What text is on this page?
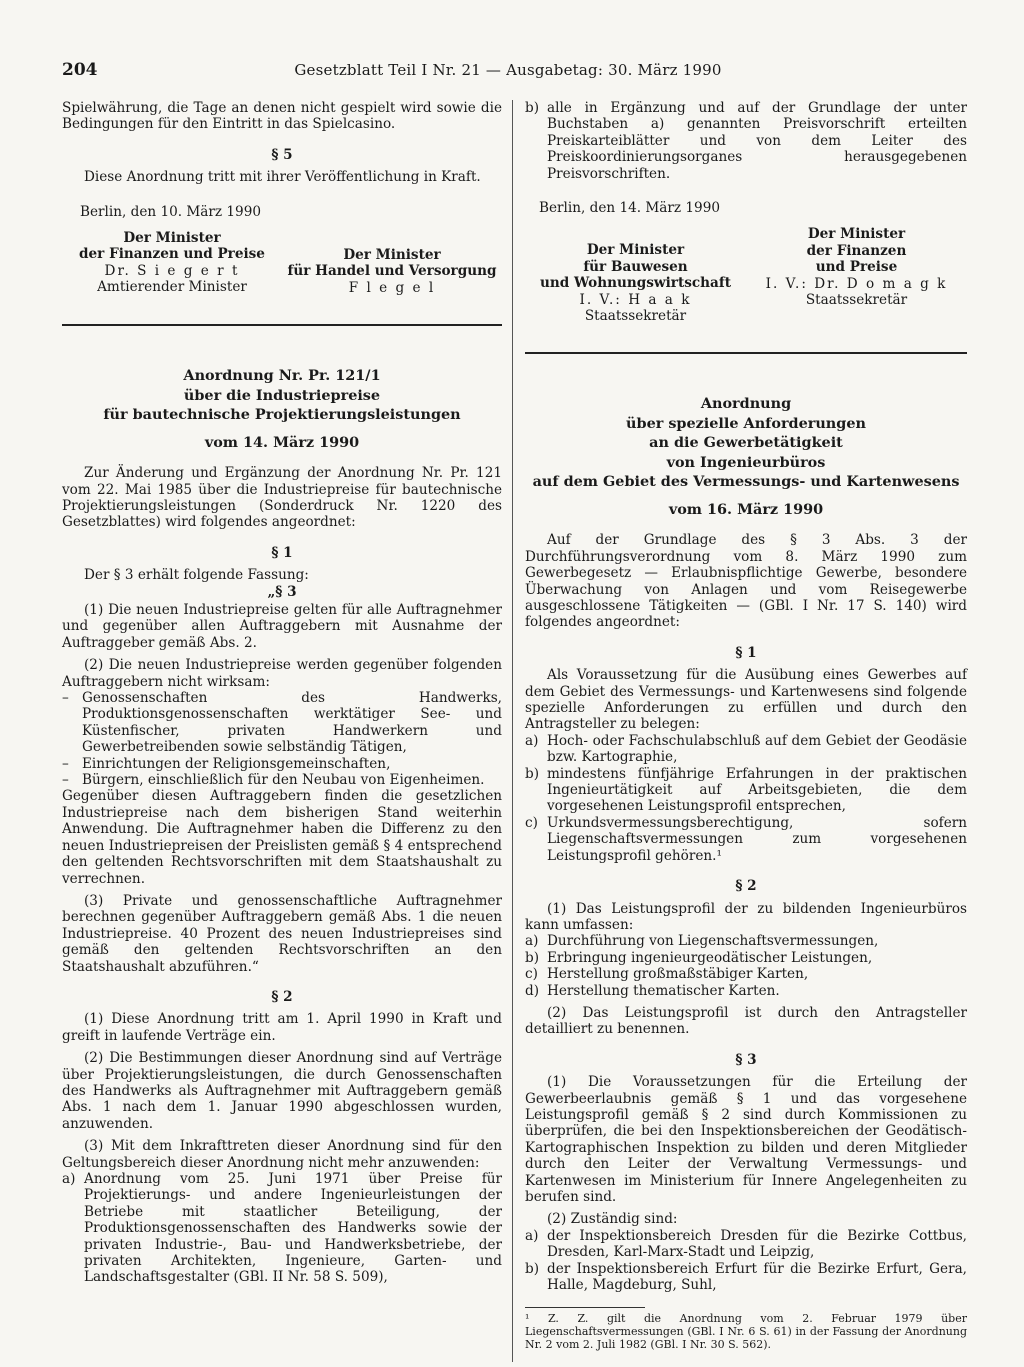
204	Gesetzblatt Teil I Nr. 21 — Ausgabetag: 30. März 1990

Spielwährung, die Tage an denen nicht gespielt wird sowie die Bedingungen für den Eintritt in das Spielcasino.

§ 5

Diese Anordnung tritt mit ihrer Veröffentlichung in Kraft.

Berlin, den 10. März 1990
Der Minister
der Finanzen und Preise
Dr. S i e g e r t
Amtierender Minister
Der Minister
für Handel und Versorgung
F l e g e l
Anordnung Nr. Pr. 121/1
über die Industriepreise
für bautechnische Projektierungsleistungen
vom 14. März 1990

Zur Änderung und Ergänzung der Anordnung Nr. Pr. 121 vom 22. Mai 1985 über die Industriepreise für bautechnische Projektierungsleistungen (Sonderdruck Nr. 1220 des Gesetzblattes) wird folgendes angeordnet:

§ 1

Der § 3 erhält folgende Fassung:

„§ 3

(1) Die neuen Industriepreise gelten für alle Auftragnehmer und gegenüber allen Auftraggebern mit Ausnahme der Auftraggeber gemäß Abs. 2.

(2) Die neuen Industriepreise werden gegenüber folgenden Auftraggebern nicht wirksam:

– Genossenschaften des Handwerks, Produktionsgenossenschaften werktätiger See- und Küstenfischer, privaten Handwerkern und Gewerbetreibenden sowie selbständig Tätigen,
– Einrichtungen der Religionsgemeinschaften,
– Bürgern, einschließlich für den Neubau von Eigenheimen.

Gegenüber diesen Auftraggebern finden die gesetzlichen Industriepreise nach dem bisherigen Stand weiterhin Anwendung. Die Auftragnehmer haben die Differenz zu den neuen Industriepreisen der Preislisten gemäß § 4 entsprechend den geltenden Rechtsvorschriften mit dem Staatshaushalt zu verrechnen.

(3) Private und genossenschaftliche Auftragnehmer berechnen gegenüber Auftraggebern gemäß Abs. 1 die neuen Industriepreise. 40 Prozent des neuen Industriepreises sind gemäß den geltenden Rechtsvorschriften an den Staatshaushalt abzuführen.“

§ 2

(1) Diese Anordnung tritt am 1. April 1990 in Kraft und greift in laufende Verträge ein.

(2) Die Bestimmungen dieser Anordnung sind auf Verträge über Projektierungsleistungen, die durch Genossenschaften des Handwerks als Auftragnehmer mit Auftraggebern gemäß Abs. 1 nach dem 1. Januar 1990 abgeschlossen wurden, anzuwenden.

(3) Mit dem Inkrafttreten dieser Anordnung sind für den Geltungsbereich dieser Anordnung nicht mehr anzuwenden:

a) Anordnung vom 25. Juni 1971 über Preise für Projektierungs- und andere Ingenieurleistungen der Betriebe mit staatlicher Beteiligung, der Produktionsgenossenschaften des Handwerks sowie der privaten Industrie-, Bau- und Handwerksbetriebe, der privaten Architekten, Ingenieure, Garten- und Landschaftsgestalter (GBl. II Nr. 58 S. 509),
b) alle in Ergänzung und auf der Grundlage der unter Buchstaben a) genannten Preisvorschrift erteilten Preiskarteiblätter und von dem Leiter des Preiskoordinierungsorganes herausgegebenen Preisvorschriften.
Berlin, den 14. März 1990
Der Minister
für Bauwesen
und Wohnungswirtschaft
I. V.: H a a k
Staatssekretär
Der Minister
der Finanzen
und Preise
I. V.: Dr. D o m a g k
Staatssekretär
Anordnung
über spezielle Anforderungen
an die Gewerbetätigkeit
von Ingenieurbüros
auf dem Gebiet des Vermessungs- und Kartenwesens
vom 16. März 1990

Auf der Grundlage des § 3 Abs. 3 der Durchführungsverordnung vom 8. März 1990 zum Gewerbegesetz — Erlaubnispflichtige Gewerbe, besondere Überwachung von Anlagen und vom Reisegewerbe ausgeschlossene Tätigkeiten — (GBl. I Nr. 17 S. 140) wird folgendes angeordnet:

§ 1

Als Voraussetzung für die Ausübung eines Gewerbes auf dem Gebiet des Vermessungs- und Kartenwesens sind folgende spezielle Anforderungen zu erfüllen und durch den Antragsteller zu belegen:

a) Hoch- oder Fachschulabschluß auf dem Gebiet der Geodäsie bzw. Kartographie,
b) mindestens fünfjährige Erfahrungen in der praktischen Ingenieurtätigkeit auf Arbeitsgebieten, die dem vorgesehenen Leistungsprofil entsprechen,
c) Urkundsvermessungsberechtigung, sofern Liegenschaftsvermessungen zum vorgesehenen Leistungsprofil gehören.¹
§ 2

(1) Das Leistungsprofil der zu bildenden Ingenieurbüros kann umfassen:

a) Durchführung von Liegenschaftsvermessungen,
b) Erbringung ingenieurgeodätischer Leistungen,
c) Herstellung großmaßstäbiger Karten,
d) Herstellung thematischer Karten.

(2) Das Leistungsprofil ist durch den Antragsteller detailliert zu benennen.

§ 3

(1) Die Voraussetzungen für die Erteilung der Gewerbeerlaubnis gemäß § 1 und das vorgesehene Leistungsprofil gemäß § 2 sind durch Kommissionen zu überprüfen, die bei den Inspektionsbereichen der Geodätisch-Kartographischen Inspektion zu bilden und deren Mitglieder durch den Leiter der Verwaltung Vermessungs- und Kartenwesen im Ministerium für Innere Angelegenheiten zu berufen sind.

(2) Zuständig sind:

a) der Inspektionsbereich Dresden für die Bezirke Cottbus, Dresden, Karl-Marx-Stadt und Leipzig,
b) der Inspektionsbereich Erfurt für die Bezirke Erfurt, Gera, Halle, Magdeburg, Suhl,

¹ Z. Z. gilt die Anordnung vom 2. Februar 1979 über Liegenschaftsvermessungen (GBl. I Nr. 6 S. 61) in der Fassung der Anordnung Nr. 2 vom 2. Juli 1982 (GBl. I Nr. 30 S. 562).
